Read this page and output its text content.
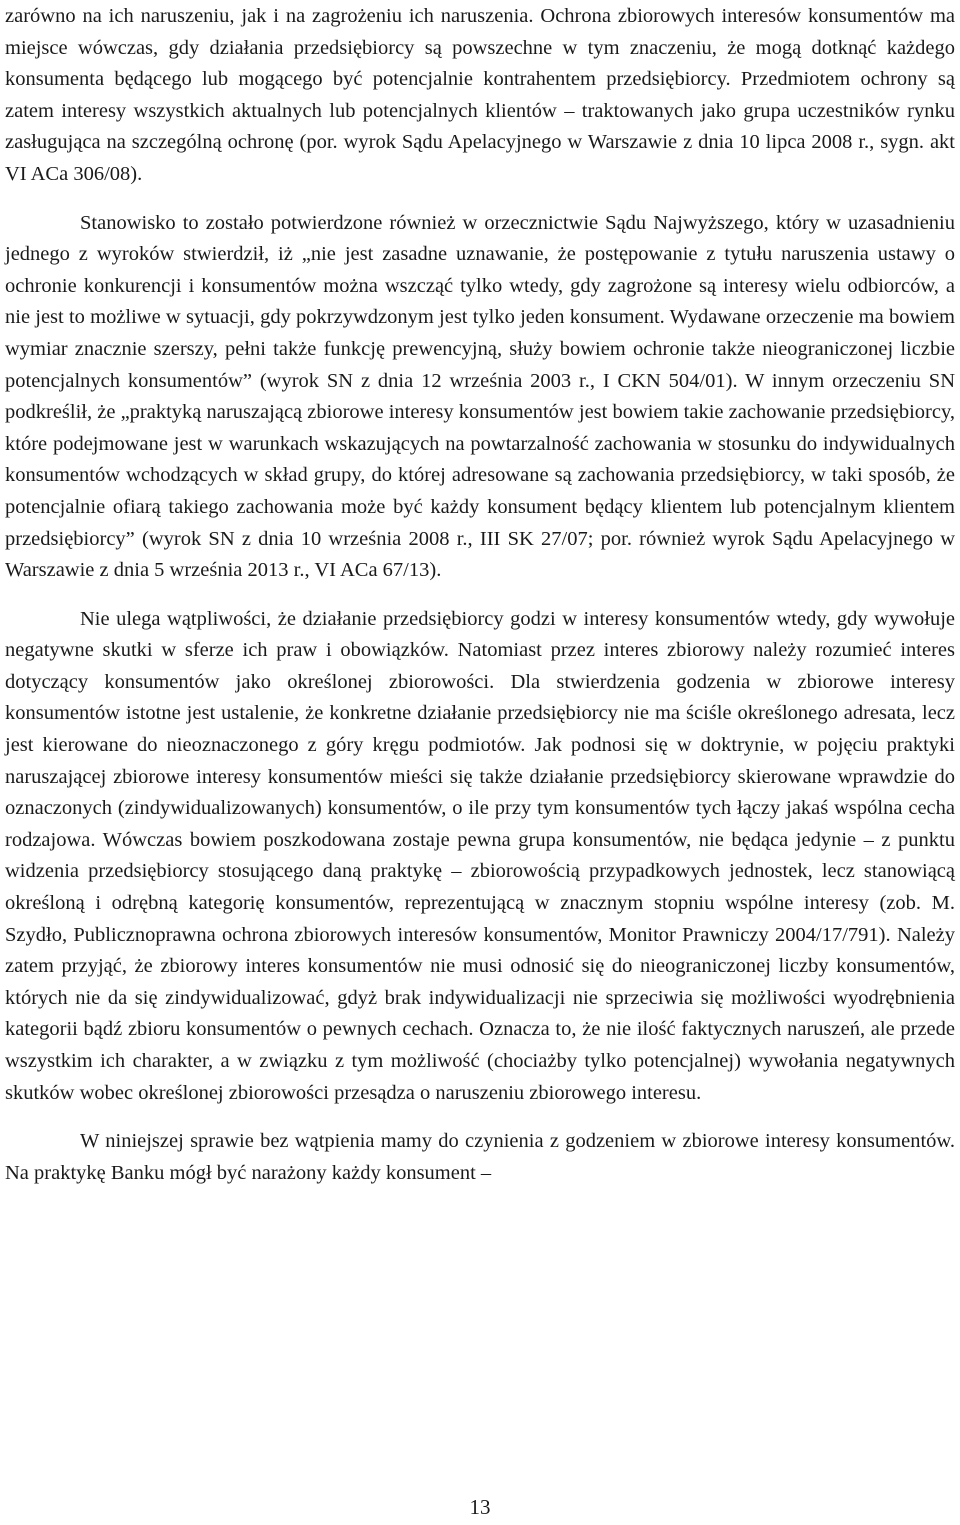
zarówno na ich naruszeniu, jak i na zagrożeniu ich naruszenia. Ochrona zbiorowych interesów konsumentów ma miejsce wówczas, gdy działania przedsiębiorcy są powszechne w tym znaczeniu, że mogą dotknąć każdego konsumenta będącego lub mogącego być potencjalnie kontrahentem przedsiębiorcy. Przedmiotem ochrony są zatem interesy wszystkich aktualnych lub potencjalnych klientów – traktowanych jako grupa uczestników rynku zasługująca na szczególną ochronę (por. wyrok Sądu Apelacyjnego w Warszawie z dnia 10 lipca 2008 r., sygn. akt VI ACa 306/08).

Stanowisko to zostało potwierdzone również w orzecznictwie Sądu Najwyższego, który w uzasadnieniu jednego z wyroków stwierdził, iż „nie jest zasadne uznawanie, że postępowanie z tytułu naruszenia ustawy o ochronie konkurencji i konsumentów można wszcząć tylko wtedy, gdy zagrożone są interesy wielu odbiorców, a nie jest to możliwe w sytuacji, gdy pokrzywdzonym jest tylko jeden konsument. Wydawane orzeczenie ma bowiem wymiar znacznie szerszy, pełni także funkcję prewencyjną, służy bowiem ochronie także nieograniczonej liczbie potencjalnych konsumentów” (wyrok SN z dnia 12 września 2003 r., I CKN 504/01). W innym orzeczeniu SN podkreślił, że „praktyką naruszającą zbiorowe interesy konsumentów jest bowiem takie zachowanie przedsiębiorcy, które podejmowane jest w warunkach wskazujących na powtarzalność zachowania w stosunku do indywidualnych konsumentów wchodzących w skład grupy, do której adresowane są zachowania przedsiębiorcy, w taki sposób, że potencjalnie ofiarą takiego zachowania może być każdy konsument będący klientem lub potencjalnym klientem przedsiębiorcy” (wyrok SN z dnia 10 września 2008 r., III SK 27/07; por. również wyrok Sądu Apelacyjnego w Warszawie z dnia 5 września 2013 r., VI ACa 67/13).

Nie ulega wątpliwości, że działanie przedsiębiorcy godzi w interesy konsumentów wtedy, gdy wywołuje negatywne skutki w sferze ich praw i obowiązków. Natomiast przez interes zbiorowy należy rozumieć interes dotyczący konsumentów jako określonej zbiorowości. Dla stwierdzenia godzenia w zbiorowe interesy konsumentów istotne jest ustalenie, że konkretne działanie przedsiębiorcy nie ma ściśle określonego adresata, lecz jest kierowane do nieoznaczonego z góry kręgu podmiotów. Jak podnosi się w doktrynie, w pojęciu praktyki naruszającej zbiorowe interesy konsumentów mieści się także działanie przedsiębiorcy skierowane wprawdzie do oznaczonych (zindywidualizowanych) konsumentów, o ile przy tym konsumentów tych łączy jakaś wspólna cecha rodzajowa. Wówczas bowiem poszkodowana zostaje pewna grupa konsumentów, nie będąca jedynie – z punktu widzenia przedsiębiorcy stosującego daną praktykę – zbiorowością przypadkowych jednostek, lecz stanowiącą określoną i odrębną kategorię konsumentów, reprezentującą w znacznym stopniu wspólne interesy (zob. M. Szydło, Publicznoprawna ochrona zbiorowych interesów konsumentów, Monitor Prawniczy 2004/17/791). Należy zatem przyjąć, że zbiorowy interes konsumentów nie musi odnosić się do nieograniczonej liczby konsumentów, których nie da się zindywidualizować, gdyż brak indywidualizacji nie sprzeciwia się możliwości wyodrębnienia kategorii bądź zbioru konsumentów o pewnych cechach. Oznacza to, że nie ilość faktycznych naruszeń, ale przede wszystkim ich charakter, a w związku z tym możliwość (chociażby tylko potencjalnej) wywołania negatywnych skutków wobec określonej zbiorowości przesądza o naruszeniu zbiorowego interesu.

W niniejszej sprawie bez wątpienia mamy do czynienia z godzeniem w zbiorowe interesy konsumentów. Na praktykę Banku mógł być narażony każdy konsument –

13
